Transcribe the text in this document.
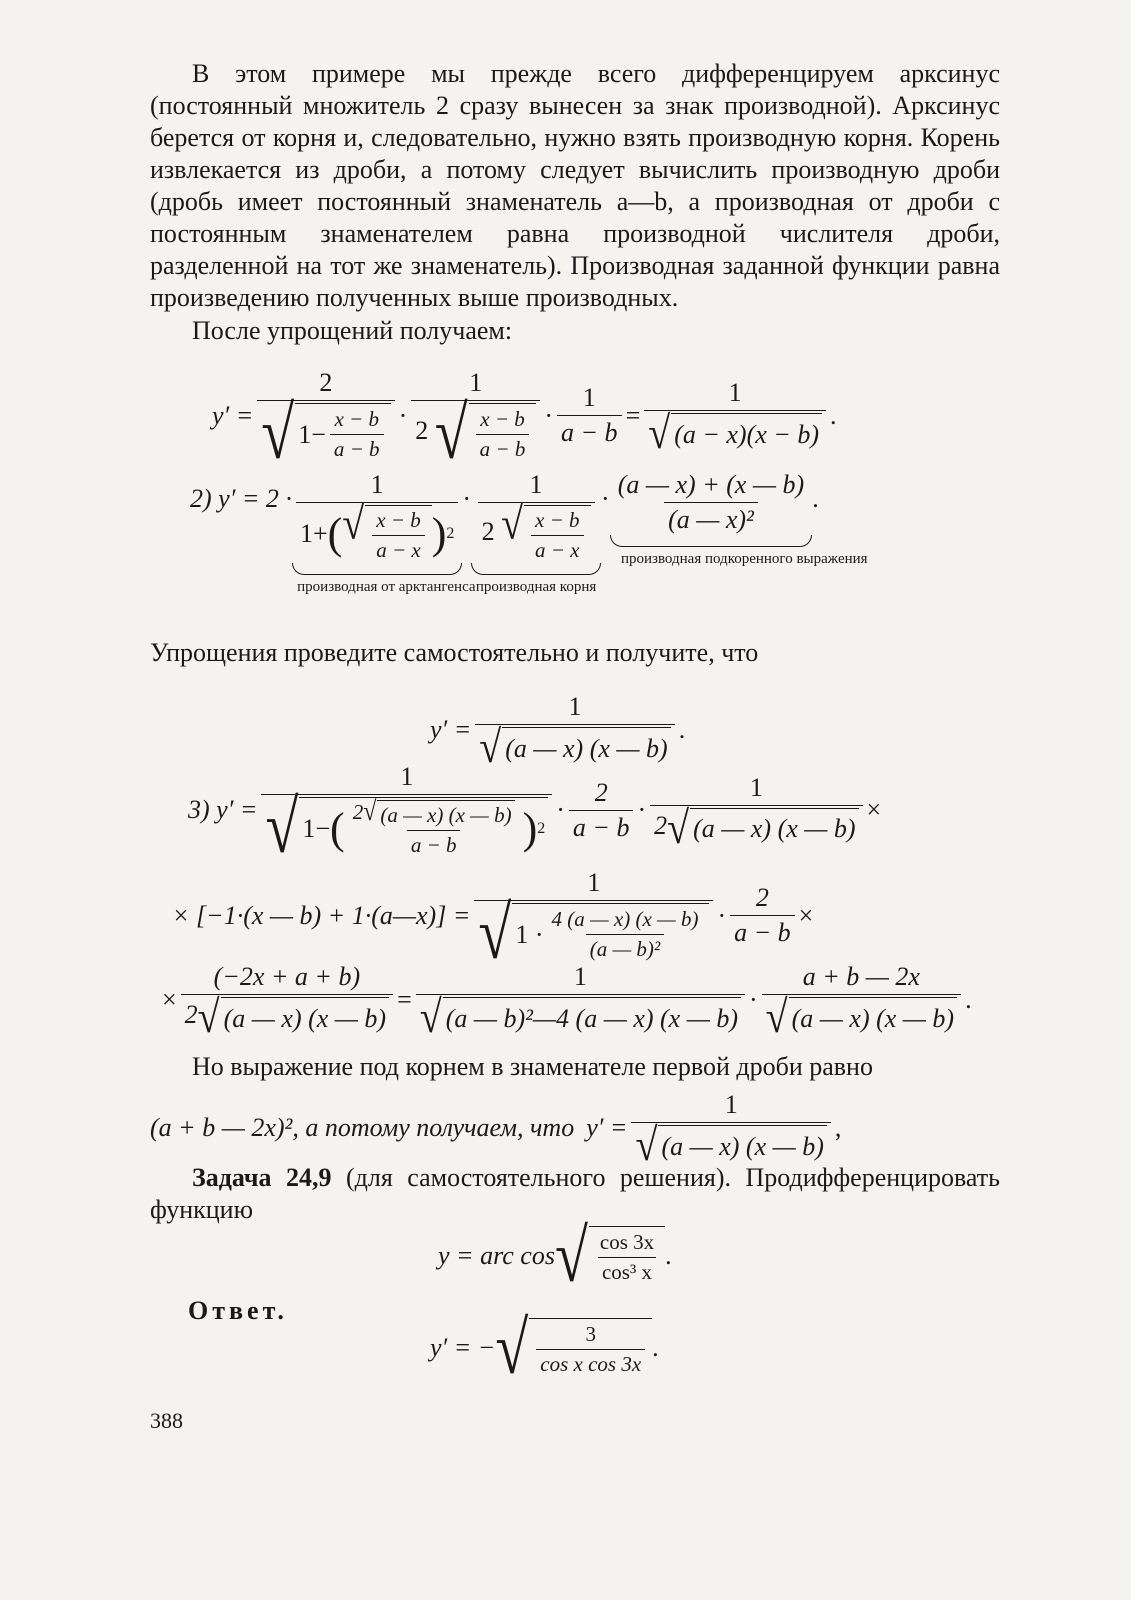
В этом примере мы прежде всего дифференцируем арксинус (постоянный множитель 2 сразу вынесен за знак производной). Арксинус берется от корня и, следовательно, нужно взять производную корня. Корень извлекается из дроби, а потому следует вычислить производную дроби (дробь имеет постоянный знаменатель a—b, а производная от дроби с постоянным знаменателем равна производной числителя дроби, разделенной на тот же знаменатель). Производная заданной функции равна произведению полученных выше производных.

После упрощений получаем:
$y' = \frac{2}{√ 1- \frac{x - b}{a - b}} \cdot \frac{1}{2 √ \frac{x - b}{a - b}} \cdot \frac{1}{a - b} = \frac{1}{√ (a - x)(x - b)}$ .
2) $y' = 2 \cdot \frac{1}{1+ ( √ \frac{x - b}{a - x} ) 2}$
производная от арктангенса
· $\frac{1}{2 √ \frac{x - b}{a - x}}$
производная корня
· $\frac{(a — x) + (x — b)}{\text{(a — x)²}}$
производная подкоренного выражения
.
Упрощения проведите самостоятельно и получите, что
$y' = \frac{1}{√ (a — x) (x — b)}$ .
3) $y' = \frac{1}{√ 1- ( \frac{2 √ (a — x) (x — b)}{a - b} ) 2} \cdot \frac{2}{a - b} \cdot \frac{1}{2 √ (a — x) (x — b)}$ ×
× [−1·(x — b) + 1·(a—x)] = $\frac{1}{√ 1 \cdot \frac{4 (a — x) (x — b)}{\text{(a — b)²}}} \cdot \frac{2}{a - b}$ ×
× $\frac{(-2x + a + b)}{2 √ (a — x) (x — b)} = \frac{1}{\text{√ (a — b)²—4 (a — x) (x — b)}} \cdot \frac{a + b — 2x}{√ (a — x) (x — b)}$ .
Но выражение под корнем в знаменателе первой дроби равно
(a + b — 2x)², а потому получаем, что $y' = \frac{1}{√ (a — x) (x — b)}$ ,

Задача 24,9 (для самостоятельного решения). Продифференцировать функцию

y = arc cos √ $\frac{\cos 3x}{\text{cos³ x}}$ .
Ответ.
y′ = − √ $\frac{3}{\text{cos x cos 3x}}$ .
388
